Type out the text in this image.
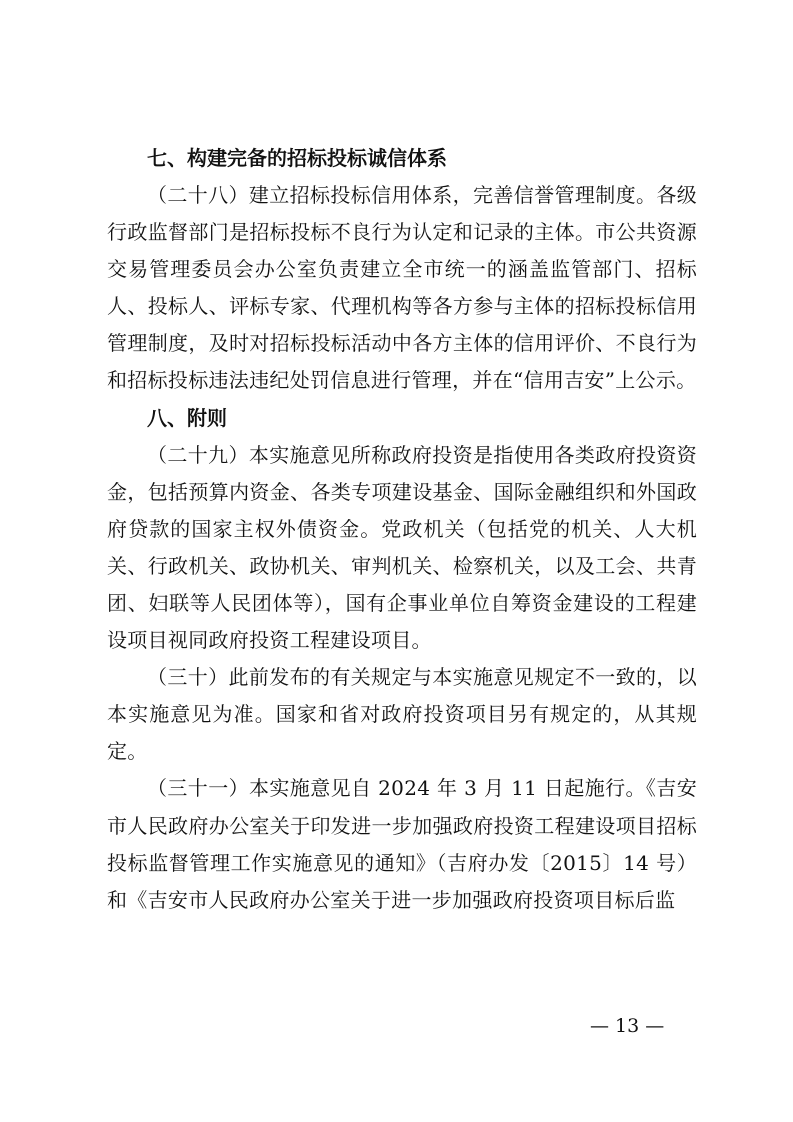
七、构建完备的招标投标诚信体系

（二十八）建立招标投标信用体系，完善信誉管理制度。各级行政监督部门是招标投标不良行为认定和记录的主体。市公共资源交易管理委员会办公室负责建立全市统一的涵盖监管部门、招标人、投标人、评标专家、代理机构等各方参与主体的招标投标信用管理制度，及时对招标投标活动中各方主体的信用评价、不良行为和招标投标违法违纪处罚信息进行管理，并在“信用吉安”上公示。

八、附则

（二十九）本实施意见所称政府投资是指使用各类政府投资资金，包括预算内资金、各类专项建设基金、国际金融组织和外国政府贷款的国家主权外债资金。党政机关（包括党的机关、人大机关、行政机关、政协机关、审判机关、检察机关，以及工会、共青团、妇联等人民团体等），国有企事业单位自筹资金建设的工程建设项目视同政府投资工程建设项目。

（三十）此前发布的有关规定与本实施意见规定不一致的，以本实施意见为准。国家和省对政府投资项目另有规定的，从其规定。

（三十一）本实施意见自 2024 年 3 月 11 日起施行。《吉安市人民政府办公室关于印发进一步加强政府投资工程建设项目招标投标监督管理工作实施意见的通知》（吉府办发〔2015〕14 号）和《吉安市人民政府办公室关于进一步加强政府投资项目标后监

— 13 —
